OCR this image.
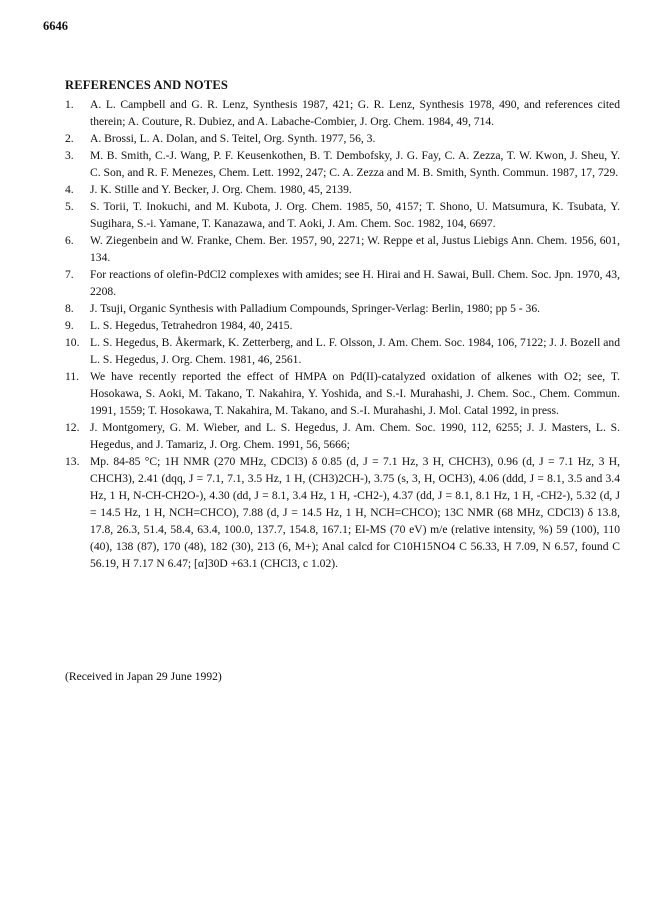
6646
REFERENCES AND NOTES

1. A. L. Campbell and G. R. Lenz, Synthesis 1987, 421; G. R. Lenz, Synthesis 1978, 490, and references cited therein; A. Couture, R. Dubiez, and A. Labache-Combier, J. Org. Chem. 1984, 49, 714.

2. A. Brossi, L. A. Dolan, and S. Teitel, Org. Synth. 1977, 56, 3.

3. M. B. Smith, C.-J. Wang, P. F. Keusenkothen, B. T. Dembofsky, J. G. Fay, C. A. Zezza, T. W. Kwon, J. Sheu, Y. C. Son, and R. F. Menezes, Chem. Lett. 1992, 247; C. A. Zezza and M. B. Smith, Synth. Commun. 1987, 17, 729.

4. J. K. Stille and Y. Becker, J. Org. Chem. 1980, 45, 2139.

5. S. Torii, T. Inokuchi, and M. Kubota, J. Org. Chem. 1985, 50, 4157; T. Shono, U. Matsumura, K. Tsubata, Y. Sugihara, S.-i. Yamane, T. Kanazawa, and T. Aoki, J. Am. Chem. Soc. 1982, 104, 6697.

6. W. Ziegenbein and W. Franke, Chem. Ber. 1957, 90, 2271; W. Reppe et al, Justus Liebigs Ann. Chem. 1956, 601, 134.

7. For reactions of olefin-PdCl2 complexes with amides; see H. Hirai and H. Sawai, Bull. Chem. Soc. Jpn. 1970, 43, 2208.

8. J. Tsuji, Organic Synthesis with Palladium Compounds, Springer-Verlag: Berlin, 1980; pp 5 - 36.

9. L. S. Hegedus, Tetrahedron 1984, 40, 2415.

10. L. S. Hegedus, B. Åkermark, K. Zetterberg, and L. F. Olsson, J. Am. Chem. Soc. 1984, 106, 7122; J. J. Bozell and L. S. Hegedus, J. Org. Chem. 1981, 46, 2561.

11. We have recently reported the effect of HMPA on Pd(II)-catalyzed oxidation of alkenes with O2; see, T. Hosokawa, S. Aoki, M. Takano, T. Nakahira, Y. Yoshida, and S.-I. Murahashi, J. Chem. Soc., Chem. Commun. 1991, 1559; T. Hosokawa, T. Nakahira, M. Takano, and S.-I. Murahashi, J. Mol. Catal 1992, in press.

12. J. Montgomery, G. M. Wieber, and L. S. Hegedus, J. Am. Chem. Soc. 1990, 112, 6255; J. J. Masters, L. S. Hegedus, and J. Tamariz, J. Org. Chem. 1991, 56, 5666;

13. Mp. 84-85 °C; 1H NMR (270 MHz, CDCl3) δ 0.85 (d, J = 7.1 Hz, 3 H, CHCH3), 0.96 (d, J = 7.1 Hz, 3 H, CHCH3), 2.41 (dqq, J = 7.1, 7.1, 3.5 Hz, 1 H, (CH3)2CH-), 3.75 (s, 3, H, OCH3), 4.06 (ddd, J = 8.1, 3.5 and 3.4 Hz, 1 H, N-CH-CH2O-), 4.30 (dd, J = 8.1, 3.4 Hz, 1 H, -CH2-), 4.37 (dd, J = 8.1, 8.1 Hz, 1 H, -CH2-), 5.32 (d, J = 14.5 Hz, 1 H, NCH=CHCO), 7.88 (d, J = 14.5 Hz, 1 H, NCH=CHCO); 13C NMR (68 MHz, CDCl3) δ 13.8, 17.8, 26.3, 51.4, 58.4, 63.4, 100.0, 137.7, 154.8, 167.1; EI-MS (70 eV) m/e (relative intensity, %) 59 (100), 110 (40), 138 (87), 170 (48), 182 (30), 213 (6, M+); Anal calcd for C10H15NO4 C 56.33, H 7.09, N 6.57, found C 56.19, H 7.17 N 6.47; [α]30D +63.1 (CHCl3, c 1.02).

(Received in Japan 29 June 1992)
